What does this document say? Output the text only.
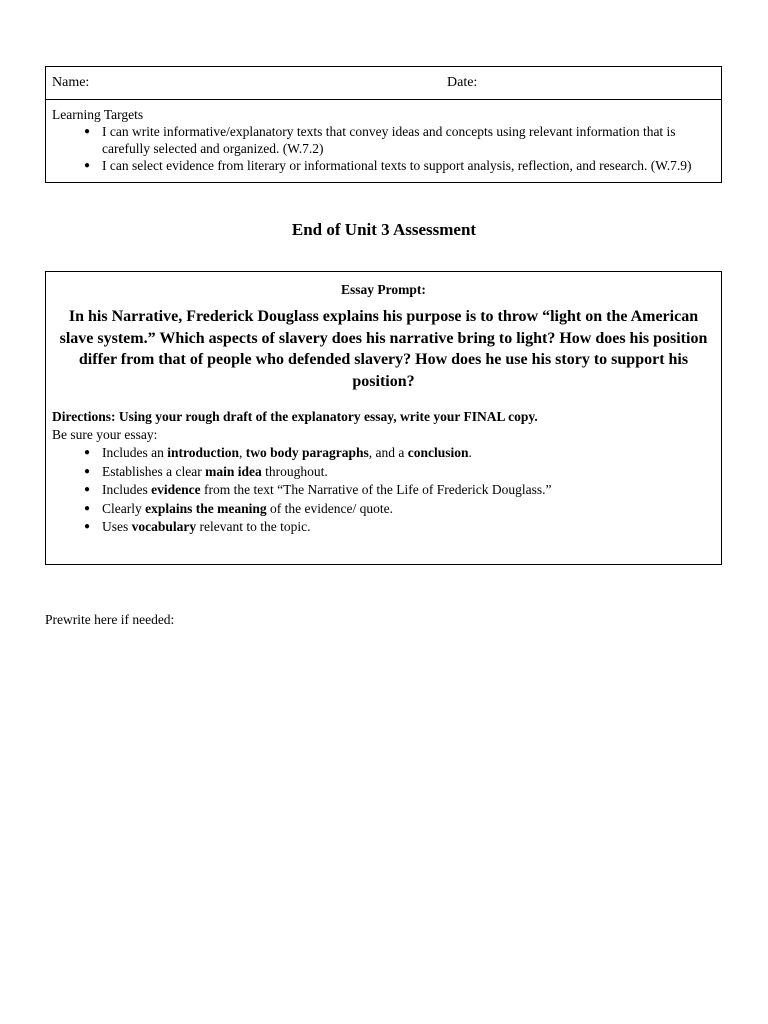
Name:	Date:

Learning Targets

● I can write informative/explanatory texts that convey ideas and concepts using relevant information that is carefully selected and organized. (W.7.2)
● I can select evidence from literary or informational texts to support analysis, reflection, and research. (W.7.9)
End of Unit 3 Assessment

Essay Prompt:

In his Narrative, Frederick Douglass explains his purpose is to throw “light on the American slave system.” Which aspects of slavery does his narrative bring to light? How does his position differ from that of people who defended slavery? How does he use his story to support his position?

Directions: Using your rough draft of the explanatory essay, write your FINAL copy.

Be sure your essay:

● Includes an introduction, two body paragraphs, and a conclusion.
● Establishes a clear main idea throughout.
● Includes evidence from the text “The Narrative of the Life of Frederick Douglass.”
● Clearly explains the meaning of the evidence/ quote.
● Uses vocabulary relevant to the topic.
Prewrite here if needed:
